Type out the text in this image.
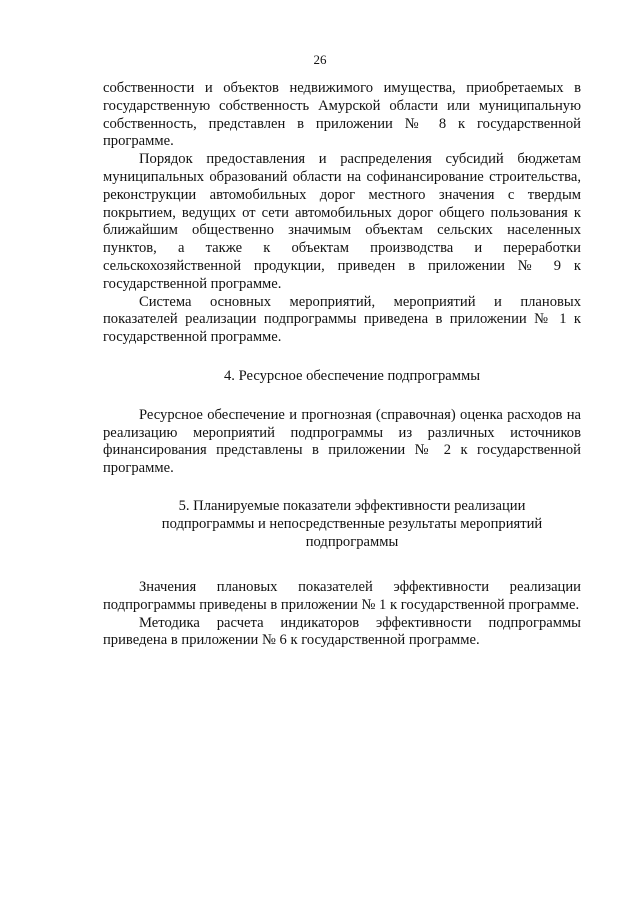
26

собственности и объектов недвижимого имущества, приобретаемых в государственную собственность Амурской области или муниципальную собственность, представлен в приложении № 8 к государственной программе.

Порядок предоставления и распределения субсидий бюджетам муниципальных образований области на софинансирование строительства, реконструкции автомобильных дорог местного значения с твердым покрытием, ведущих от сети автомобильных дорог общего пользования к ближайшим общественно значимым объектам сельских населенных пунктов, а также к объектам производства и переработки сельскохозяйственной продукции, приведен в приложении № 9 к государственной программе.

Система основных мероприятий, мероприятий и плановых показателей реализации подпрограммы приведена в приложении № 1 к государственной программе.

4. Ресурсное обеспечение подпрограммы

Ресурсное обеспечение и прогнозная (справочная) оценка расходов на реализацию мероприятий подпрограммы из различных источников финансирования представлены в приложении № 2 к государственной программе.

5. Планируемые показатели эффективности реализации
подпрограммы и непосредственные результаты мероприятий
подпрограммы

Значения плановых показателей эффективности реализации подпрограммы приведены в приложении № 1 к государственной программе.

Методика расчета индикаторов эффективности подпрограммы приведена в приложении № 6 к государственной программе.
